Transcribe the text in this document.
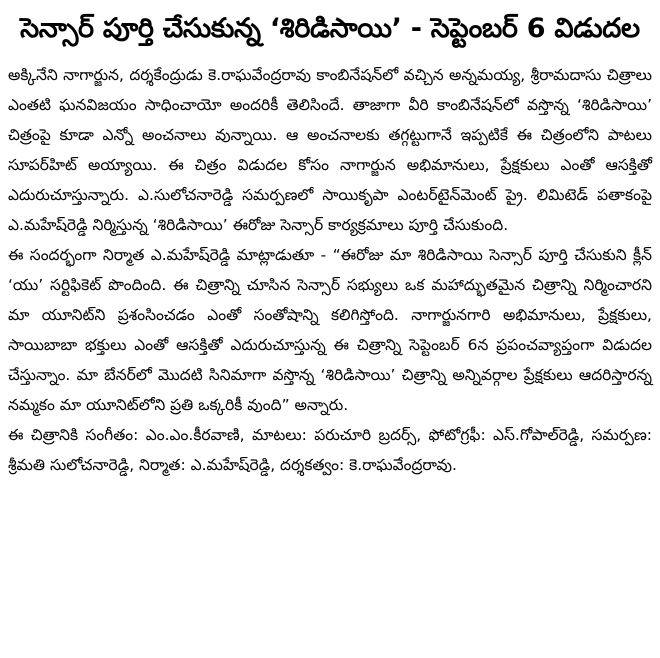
సెన్సార్ పూర్తి చేసుకున్న ‘శిరిడిసాయి’ - సెప్టెంబర్ 6 విడుదల

అక్కినేని నాగార్జున, దర్శకేంద్రుడు కె.రాఘవేంద్రరావు కాంబినేషన్‌లో వచ్చిన అన్నమయ్య, శ్రీరామదాసు చిత్రాలు ఎంతటి ఘనవిజయం సాధించాయో అందరికీ తెలిసిందే. తాజాగా వీరి కాంబినేషన్‌లో వస్తొన్న ‘శిరిడిసాయి’ చిత్రంపై కూడా ఎన్నో అంచనాలు వున్నాయి. ఆ అంచనాలకు తగ్గట్టుగానే ఇప్పటికే ఈ చిత్రంలోని పాటలు సూపర్‌హిట్ అయ్యాయి. ఈ చిత్రం విడుదల కోసం నాగార్జున అభిమానులు, ప్రేక్షకులు ఎంతో ఆసక్తితో ఎదురుచూస్తున్నారు. ఎ.సులోచనారెడ్డి సమర్పణలో సాయికృపా ఎంటర్‌టైన్‌మెంట్ ప్రై. లిమిటెడ్ పతాకంపై ఎ.మహేష్‌రెడ్డి నిర్మిస్తున్న ‘శిరిడిసాయి’ ఈరోజు సెన్సార్ కార్యక్రమాలు పూర్తి చేసుకుంది.

ఈ సందర్భంగా నిర్మాత ఎ.మహేష్‌రెడ్డి మాట్లాడుతూ - “ఈరోజు మా శిరిడిసాయి సెన్సార్ పూర్తి చేసుకుని క్లీన్ ‘యు’ సర్టిఫికెట్ పొందింది. ఈ చిత్రాన్ని చూసిన సెన్సార్ సభ్యులు ఒక మహాద్భుతమైన చిత్రాన్ని నిర్మించారని మా యూనిట్‌ని ప్రశంసించడం ఎంతో సంతోషాన్ని కలిగిస్తోంది. నాగార్జునగారి అభిమానులు, ప్రేక్షకులు, సాయిబాబా భక్తులు ఎంతో ఆసక్తితో ఎదురుచూస్తున్న ఈ చిత్రాన్ని సెప్టెంబర్ 6న ప్రపంచవ్యాప్తంగా విడుదల చేస్తున్నాం. మా బేనర్‌లో మొదటి సినిమాగా వస్తొన్న ‘శిరిడిసాయి’ చిత్రాన్ని అన్నివర్గాల ప్రేక్షకులు ఆదరిస్తారన్న నమ్మకం మా యూనిట్‌లోని ప్రతి ఒక్కరికీ వుంది” అన్నారు.

ఈ చిత్రానికి సంగీతం: ఎం.ఎం.కీరవాణి, మాటలు: పరుచూరి బ్రదర్స్, ఫోటోగ్రఫీ: ఎస్.గోపాల్‌రెడ్డి, సమర్పణ: శ్రీమతి సులోచనారెడ్డి, నిర్మాత: ఎ.మహేష్‌రెడ్డి, దర్శకత్వం: కె.రాఘవేంద్రరావు.
